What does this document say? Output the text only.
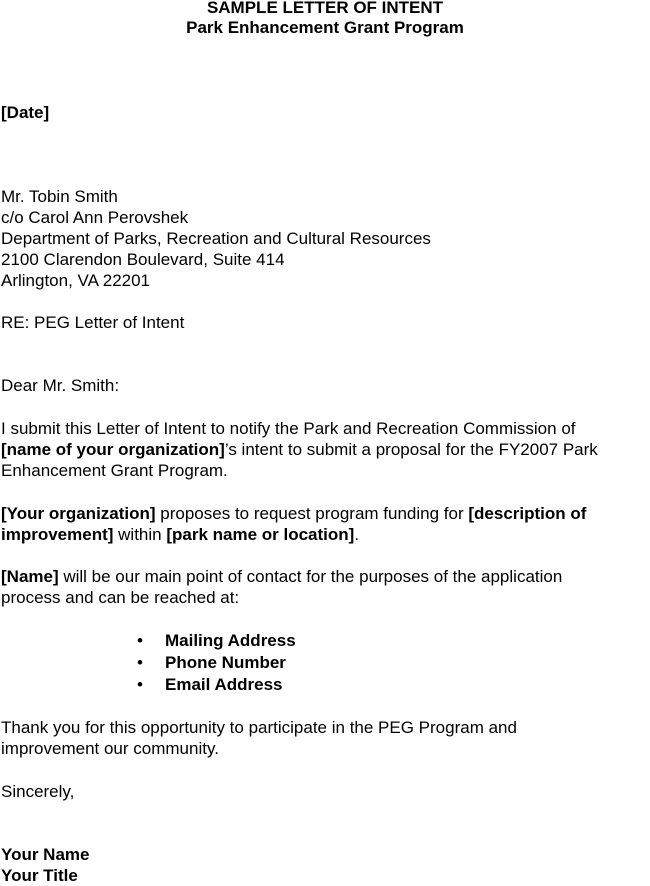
SAMPLE LETTER OF INTENT
Park Enhancement Grant Program
[Date]
Mr. Tobin Smith
c/o Carol Ann Perovshek
Department of Parks, Recreation and Cultural Resources
2100 Clarendon Boulevard, Suite 414
Arlington, VA 22201
RE: PEG Letter of Intent
Dear Mr. Smith:
I submit this Letter of Intent to notify the Park and Recreation Commission of
[name of your organization]’s intent to submit a proposal for the FY2007 Park
Enhancement Grant Program.
[Your organization] proposes to request program funding for [description of
improvement] within [park name or location].
[Name] will be our main point of contact for the purposes of the application
process and can be reached at:
• Mailing Address
• Phone Number
• Email Address
Thank you for this opportunity to participate in the PEG Program and
improvement our community.
Sincerely,
Your Name
Your Title
